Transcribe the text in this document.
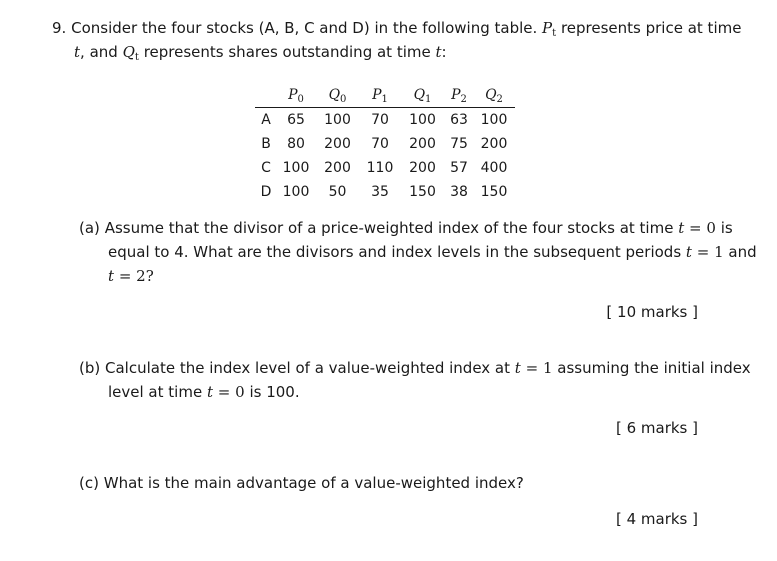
9. Consider the four stocks (A, B, C and D) in the following table. $P_t$ represents price at time
t, and $Q_t$ represents shares outstanding at time t:
	$P_0$	$Q_0$	$P_1$	$Q_1$	$P_2$	$Q_2$
A	65	100	70	100	63	100
B	80	200	70	200	75	200
C	100	200	110	200	57	400
D	100	50	35	150	38	150
(a) Assume that the divisor of a price-weighted index of the four stocks at time t = 0 is
equal to 4. What are the divisors and index levels in the subsequent periods t = 1 and
t = 2?
[ 10 marks ]
(b) Calculate the index level of a value-weighted index at t = 1 assuming the initial index
level at time t = 0 is 100.
[ 6 marks ]
(c) What is the main advantage of a value-weighted index?
[ 4 marks ]
